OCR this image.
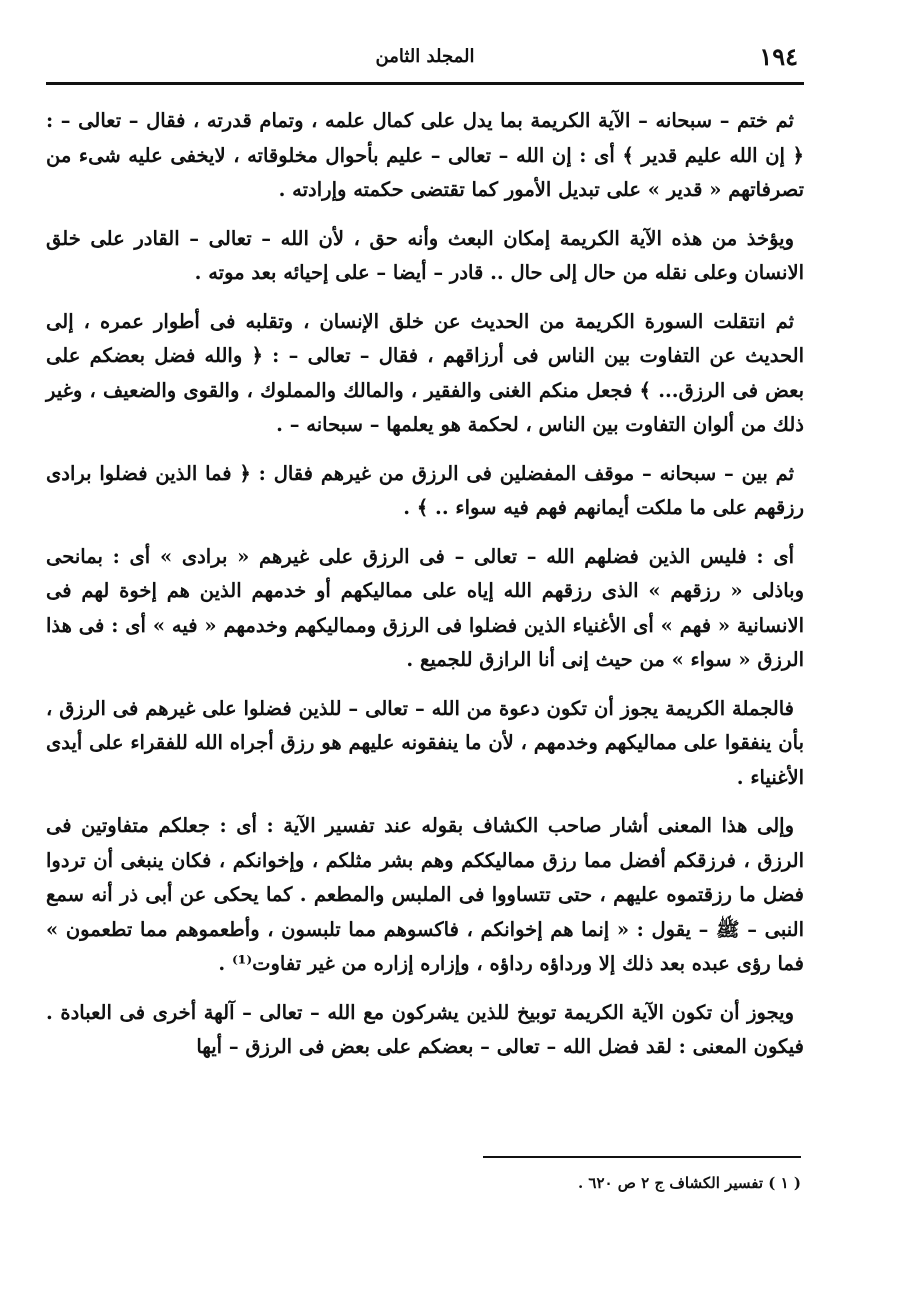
١٩٤
المجلد الثامن

ثم ختم – سبحانه – الآية الكريمة بما يدل على كمال علمه ، وتمام قدرته ، فقال – تعالى – : ﴿ إن الله عليم قدير ﴾ أى : إن الله – تعالى – عليم بأحوال مخلوقاته ، لايخفى عليه شىء من تصرفاتهم « قدير » على تبديل الأمور كما تقتضى حكمته وإرادته .

ويؤخذ من هذه الآية الكريمة إمكان البعث وأنه حق ، لأن الله – تعالى – القادر على خلق الانسان وعلى نقله من حال إلى حال .. قادر – أيضا – على إحيائه بعد موته .

ثم انتقلت السورة الكريمة من الحديث عن خلق الإنسان ، وتقلبه فى أطوار عمره ، إلى الحديث عن التفاوت بين الناس فى أرزاقهم ، فقال – تعالى – : ﴿ والله فضل بعضكم على بعض فى الرزق... ﴾ فجعل منكم الغنى والفقير ، والمالك والمملوك ، والقوى والضعيف ، وغير ذلك من ألوان التفاوت بين الناس ، لحكمة هو يعلمها – سبحانه – .

ثم بين – سبحانه – موقف المفضلين فى الرزق من غيرهم فقال : ﴿ فما الذين فضلوا برادى رزقهم على ما ملكت أيمانهم فهم فيه سواء .. ﴾ .

أى : فليس الذين فضلهم الله – تعالى – فى الرزق على غيرهم « برادى » أى : بمانحى وباذلى « رزقهم » الذى رزقهم الله إياه على مماليكهم أو خدمهم الذين هم إخوة لهم فى الانسانية « فهم » أى الأغنياء الذين فضلوا فى الرزق ومماليكهم وخدمهم « فيه » أى : فى هذا الرزق « سواء » من حيث إنى أنا الرازق للجميع .

فالجملة الكريمة يجوز أن تكون دعوة من الله – تعالى – للذين فضلوا على غيرهم فى الرزق ، بأن ينفقوا على مماليكهم وخدمهم ، لأن ما ينفقونه عليهم هو رزق أجراه الله للفقراء على أيدى الأغنياء .

وإلى هذا المعنى أشار صاحب الكشاف بقوله عند تفسير الآية : أى : جعلكم متفاوتين فى الرزق ، فرزقكم أفضل مما رزق مماليككم وهم بشر مثلكم ، وإخوانكم ، فكان ينبغى أن تردوا فضل ما رزقتموه عليهم ، حتى تتساووا فى الملبس والمطعم . كما يحكى عن أبى ذر أنه سمع النبى – ﷺ – يقول : « إنما هم إخوانكم ، فاكسوهم مما تلبسون ، وأطعموهم مما تطعمون » فما رؤى عبده بعد ذلك إلا ورداؤه رداؤه ، وإزاره إزاره من غير تفاوت⁽¹⁾ .

ويجوز أن تكون الآية الكريمة توبيخ للذين يشركون مع الله – تعالى – آلهة أخرى فى العبادة . فيكون المعنى : لقد فضل الله – تعالى – بعضكم على بعض فى الرزق – أيها

( ١ ) تفسير الكشاف ج ٢ ص ٦٢٠ .
